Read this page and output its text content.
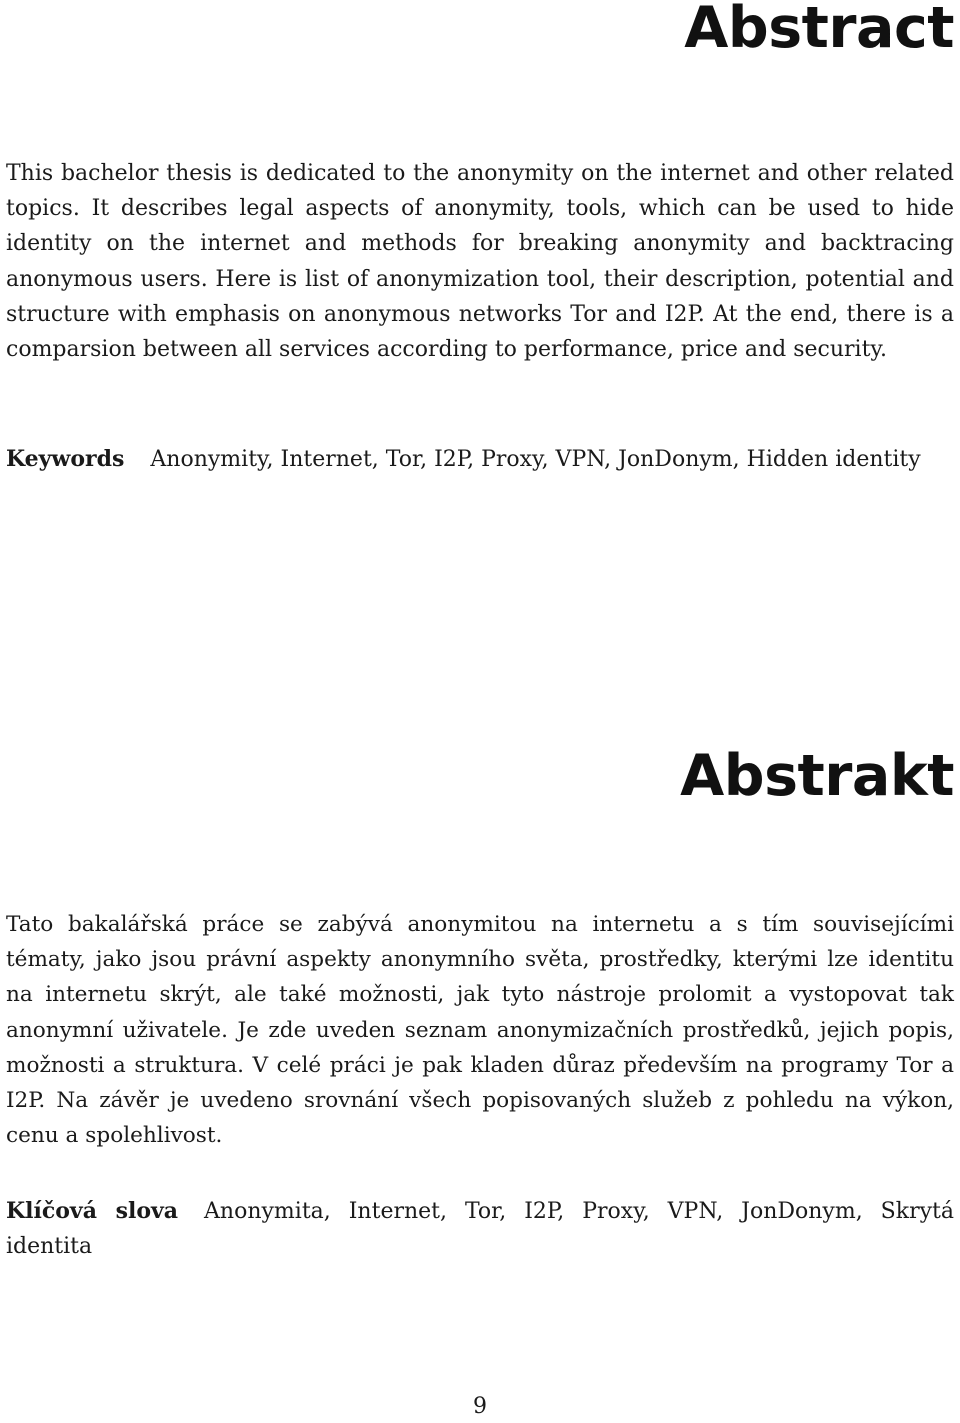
Abstract

This bachelor thesis is dedicated to the anonymity on the internet and other related topics. It describes legal aspects of anonymity, tools, which can be used to hide identity on the internet and methods for breaking anonymity and backtracing anonymous users. Here is list of anonymization tool, their description, potential and structure with emphasis on anonymous networks Tor and I2P. At the end, there is a comparsion between all services according to performance, price and security.

Keywords Anonymity, Internet, Tor, I2P, Proxy, VPN, JonDonym, Hidden identity

Abstrakt

Tato bakalářská práce se zabývá anonymitou na internetu a s tím souvisejícími tématy, jako jsou právní aspekty anonymního světa, prostředky, kterými lze identitu na internetu skrýt, ale také možnosti, jak tyto nástroje prolomit a vystopovat tak anonymní uživatele. Je zde uveden seznam anonymizačních prostředků, jejich popis, možnosti a struktura. V celé práci je pak kladen důraz především na programy Tor a I2P. Na závěr je uvedeno srovnání všech popisovaných služeb z pohledu na výkon, cenu a spolehlivost.

Klíčová slova Anonymita, Internet, Tor, I2P, Proxy, VPN, JonDonym, Skrytá identita

9
